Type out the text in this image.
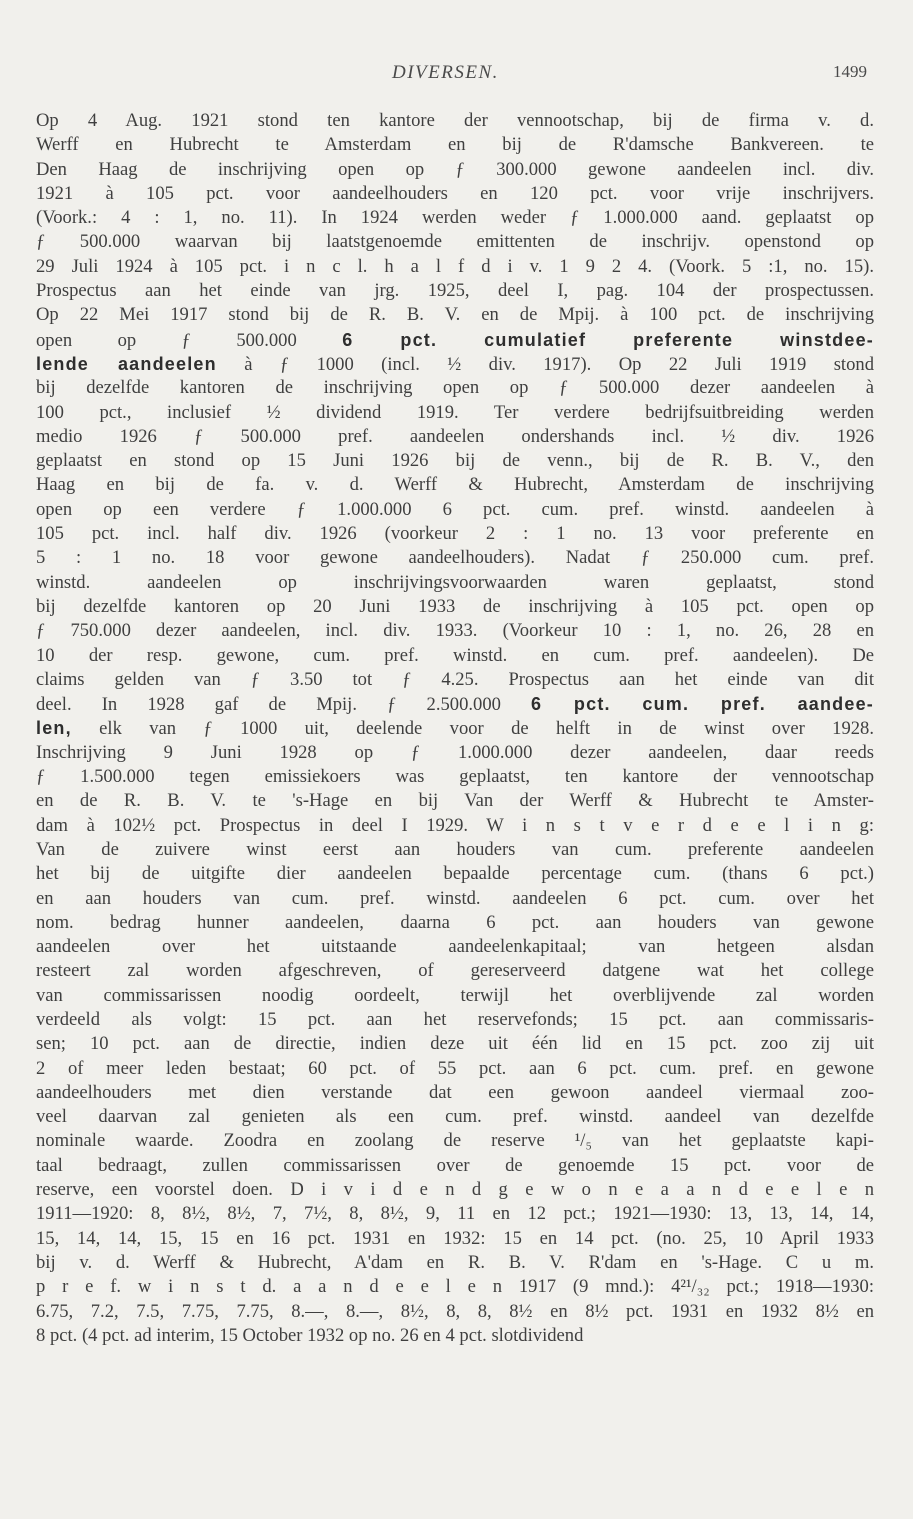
DIVERSEN.	1499
Op 4 Aug. 1921 stond ten kantore der vennootschap, bij de firma v. d.
Werff en Hubrecht te Amsterdam en bij de R'damsche Bankvereen. te
Den Haag de inschrijving open op ƒ 300.000 gewone aandeelen incl. div.
1921 à 105 pct. voor aandeelhouders en 120 pct. voor vrije inschrijvers.
(Voork.: 4 : 1, no. 11). In 1924 werden weder ƒ 1.000.000 aand. geplaatst op
ƒ 500.000 waarvan bij laatstgenoemde emittenten de inschrijv. openstond op
29 Juli 1924 à 105 pct. i n c l. h a l f d i v. 1 9 2 4. (Voork. 5 :1, no. 15).
Prospectus aan het einde van jrg. 1925, deel I, pag. 104 der prospectussen.
Op 22 Mei 1917 stond bij de R. B. V. en de Mpij. à 100 pct. de inschrijving
open op ƒ 500.000 6 pct. cumulatief preferente winstdee-
lende aandeelen à ƒ 1000 (incl. ½ div. 1917). Op 22 Juli 1919 stond
bij dezelfde kantoren de inschrijving open op ƒ 500.000 dezer aandeelen à
100 pct., inclusief ½ dividend 1919. Ter verdere bedrijfsuitbreiding werden
medio 1926 ƒ 500.000 pref. aandeelen ondershands incl. ½ div. 1926
geplaatst en stond op 15 Juni 1926 bij de venn., bij de R. B. V., den
Haag en bij de fa. v. d. Werff & Hubrecht, Amsterdam de inschrijving
open op een verdere ƒ 1.000.000 6 pct. cum. pref. winstd. aandeelen à
105 pct. incl. half div. 1926 (voorkeur 2 : 1 no. 13 voor preferente en
5 : 1 no. 18 voor gewone aandeelhouders). Nadat ƒ 250.000 cum. pref.
winstd. aandeelen op inschrijvingsvoorwaarden waren geplaatst, stond
bij dezelfde kantoren op 20 Juni 1933 de inschrijving à 105 pct. open op
ƒ 750.000 dezer aandeelen, incl. div. 1933. (Voorkeur 10 : 1, no. 26, 28 en
10 der resp. gewone, cum. pref. winstd. en cum. pref. aandeelen). De
claims gelden van ƒ 3.50 tot ƒ 4.25. Prospectus aan het einde van dit
deel. In 1928 gaf de Mpij. ƒ 2.500.000 6 pct. cum. pref. aandee-
len, elk van ƒ 1000 uit, deelende voor de helft in de winst over 1928.
Inschrijving 9 Juni 1928 op ƒ 1.000.000 dezer aandeelen, daar reeds
ƒ 1.500.000 tegen emissiekoers was geplaatst, ten kantore der vennootschap
en de R. B. V. te 's-Hage en bij Van der Werff & Hubrecht te Amster-
dam à 102½ pct. Prospectus in deel I 1929. W i n s t v e r d e e l i n g:
Van de zuivere winst eerst aan houders van cum. preferente aandeelen
het bij de uitgifte dier aandeelen bepaalde percentage cum. (thans 6 pct.)
en aan houders van cum. pref. winstd. aandeelen 6 pct. cum. over het
nom. bedrag hunner aandeelen, daarna 6 pct. aan houders van gewone
aandeelen over het uitstaande aandeelenkapitaal; van hetgeen alsdan
resteert zal worden afgeschreven, of gereserveerd datgene wat het college
van commissarissen noodig oordeelt, terwijl het overblijvende zal worden
verdeeld als volgt: 15 pct. aan het reservefonds; 15 pct. aan commissaris-
sen; 10 pct. aan de directie, indien deze uit één lid en 15 pct. zoo zij uit
2 of meer leden bestaat; 60 pct. of 55 pct. aan 6 pct. cum. pref. en gewone
aandeelhouders met dien verstande dat een gewoon aandeel viermaal zoo-
veel daarvan zal genieten als een cum. pref. winstd. aandeel van dezelfde
nominale waarde. Zoodra en zoolang de reserve ¹/₅ van het geplaatste kapi-
taal bedraagt, zullen commissarissen over de genoemde 15 pct. voor de
reserve, een voorstel doen. D i v i d e n d g e w o n e a a n d e e l e n
1911—1920: 8, 8½, 8½, 7, 7½, 8, 8½, 9, 11 en 12 pct.; 1921—1930: 13, 13, 14, 14,
15, 14, 14, 15, 15 en 16 pct. 1931 en 1932: 15 en 14 pct. (no. 25, 10 April 1933
bij v. d. Werff & Hubrecht, A'dam en R. B. V. R'dam en 's-Hage. C u m.
p r e f. w i n s t d. a a n d e e l e n 1917 (9 mnd.): 4²¹/₃₂ pct.; 1918—1930:
6.75, 7.2, 7.5, 7.75, 7.75, 8.—, 8.—, 8½, 8, 8, 8½ en 8½ pct. 1931 en 1932 8½ en
8 pct. (4 pct. ad interim, 15 October 1932 op no. 26 en 4 pct. slotdividend
